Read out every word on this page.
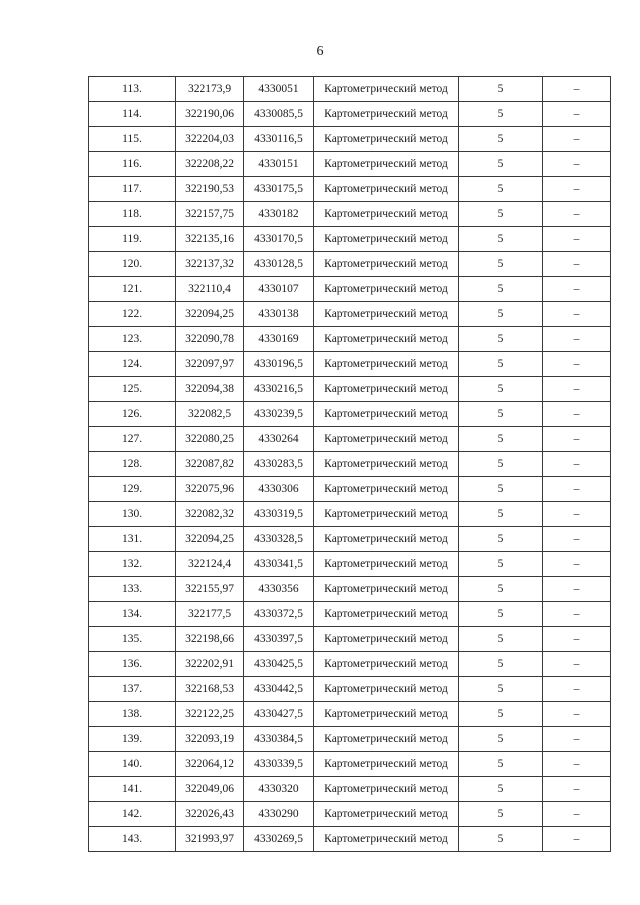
6
113.	322173,9	4330051	Картометрический метод	5	–
114.	322190,06	4330085,5	Картометрический метод	5	–
115.	322204,03	4330116,5	Картометрический метод	5	–
116.	322208,22	4330151	Картометрический метод	5	–
117.	322190,53	4330175,5	Картометрический метод	5	–
118.	322157,75	4330182	Картометрический метод	5	–
119.	322135,16	4330170,5	Картометрический метод	5	–
120.	322137,32	4330128,5	Картометрический метод	5	–
121.	322110,4	4330107	Картометрический метод	5	–
122.	322094,25	4330138	Картометрический метод	5	–
123.	322090,78	4330169	Картометрический метод	5	–
124.	322097,97	4330196,5	Картометрический метод	5	–
125.	322094,38	4330216,5	Картометрический метод	5	–
126.	322082,5	4330239,5	Картометрический метод	5	–
127.	322080,25	4330264	Картометрический метод	5	–
128.	322087,82	4330283,5	Картометрический метод	5	–
129.	322075,96	4330306	Картометрический метод	5	–
130.	322082,32	4330319,5	Картометрический метод	5	–
131.	322094,25	4330328,5	Картометрический метод	5	–
132.	322124,4	4330341,5	Картометрический метод	5	–
133.	322155,97	4330356	Картометрический метод	5	–
134.	322177,5	4330372,5	Картометрический метод	5	–
135.	322198,66	4330397,5	Картометрический метод	5	–
136.	322202,91	4330425,5	Картометрический метод	5	–
137.	322168,53	4330442,5	Картометрический метод	5	–
138.	322122,25	4330427,5	Картометрический метод	5	–
139.	322093,19	4330384,5	Картометрический метод	5	–
140.	322064,12	4330339,5	Картометрический метод	5	–
141.	322049,06	4330320	Картометрический метод	5	–
142.	322026,43	4330290	Картометрический метод	5	–
143.	321993,97	4330269,5	Картометрический метод	5	–
